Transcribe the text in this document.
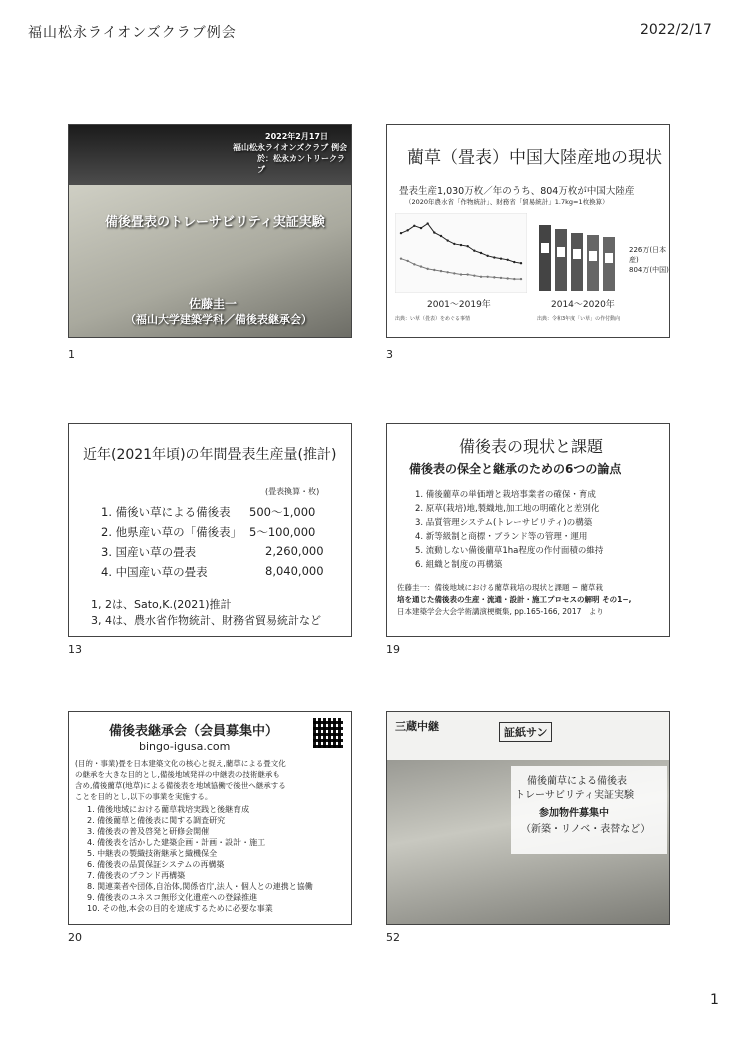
福山松永ライオンズクラブ例会	2022/2/17
2022年2月17日
福山松永ライオンズクラブ 例会
於：松永カントリークラブ
備後畳表のトレーサビリティ実証実験
佐藤圭一
（福山大学建築学科／備後表継承会）
1
藺草（畳表）中国大陸産地の現状
畳表生産1,030万枚／年のうち、804万枚が中国大陸産
（2020年農水省「作物統計」、財務省「貿易統計」1.7kg=1枚換算）
2001〜2019年
226万(日本産)
804万(中国)
2014〜2020年
出典：い草（畳表）をめぐる事情	出典：令和3年度「い草」の作付動向
3
近年(2021年頃)の年間畳表生産量(推計)
(畳表換算・枚)
1. 備後い草による備後表 500〜1,000
2. 他県産い草の「備後表」 5〜100,000
3. 国産い草の畳表	2,260,000
4. 中国産い草の畳表	8,040,000
1, 2は、Sato,K.(2021)推計
3, 4は、農水省作物統計、財務省貿易統計など
13
備後表の現状と課題
備後表の保全と継承のための6つの論点
1. 備後藺草の単価増と栽培事業者の確保・育成
2. 原草(栽培)地,製織地,加工地の明確化と差別化
3. 品質管理システム(トレーサビリティ)の構築
4. 新等級制と商標・ブランド等の管理・運用
5. 流動しない備後藺草1ha程度の作付面積の維持
6. 組織と制度の再構築
佐藤圭一：備後地域における藺草栽培の現状と課題 − 藺草栽
培を通じた備後表の生産・流通・設計・施工プロセスの解明 その1−,
日本建築学会大会学術講演梗概集, pp.165-166, 2017　より
19
備後表継承会（会員募集中）
bingo-igusa.com
(目的・事業)畳を日本建築文化の核心と捉え,藺草による畳文化
の継承を大きな目的とし,備後地域発祥の中継表の技術継承も
含め,備後藺草(地草)による備後表を地域協働で後世へ継承する
ことを目的とし,以下の事業を実施する。
1. 備後地域における藺草栽培実践と後継育成
2. 備後藺草と備後表に関する調査研究
3. 備後表の普及啓発と研修会開催
4. 備後表を活かした建築企画・計画・設計・施工
5. 中継表の製織技術継承と織機保全
6. 備後表の品質保証システムの再構築
7. 備後表のブランド再構築
8. 関連業者や団体,自治体,関係省庁,法人・個人との連携と協働
9. 備後表のユネスコ無形文化遺産への登録推進
10. その他,本会の目的を達成するために必要な事業
20
三蔵中継	証紙サン
備後藺草による備後表
トレーサビリティ実証実験
参加物件募集中
（新築・リノベ・表替など）
52
1
